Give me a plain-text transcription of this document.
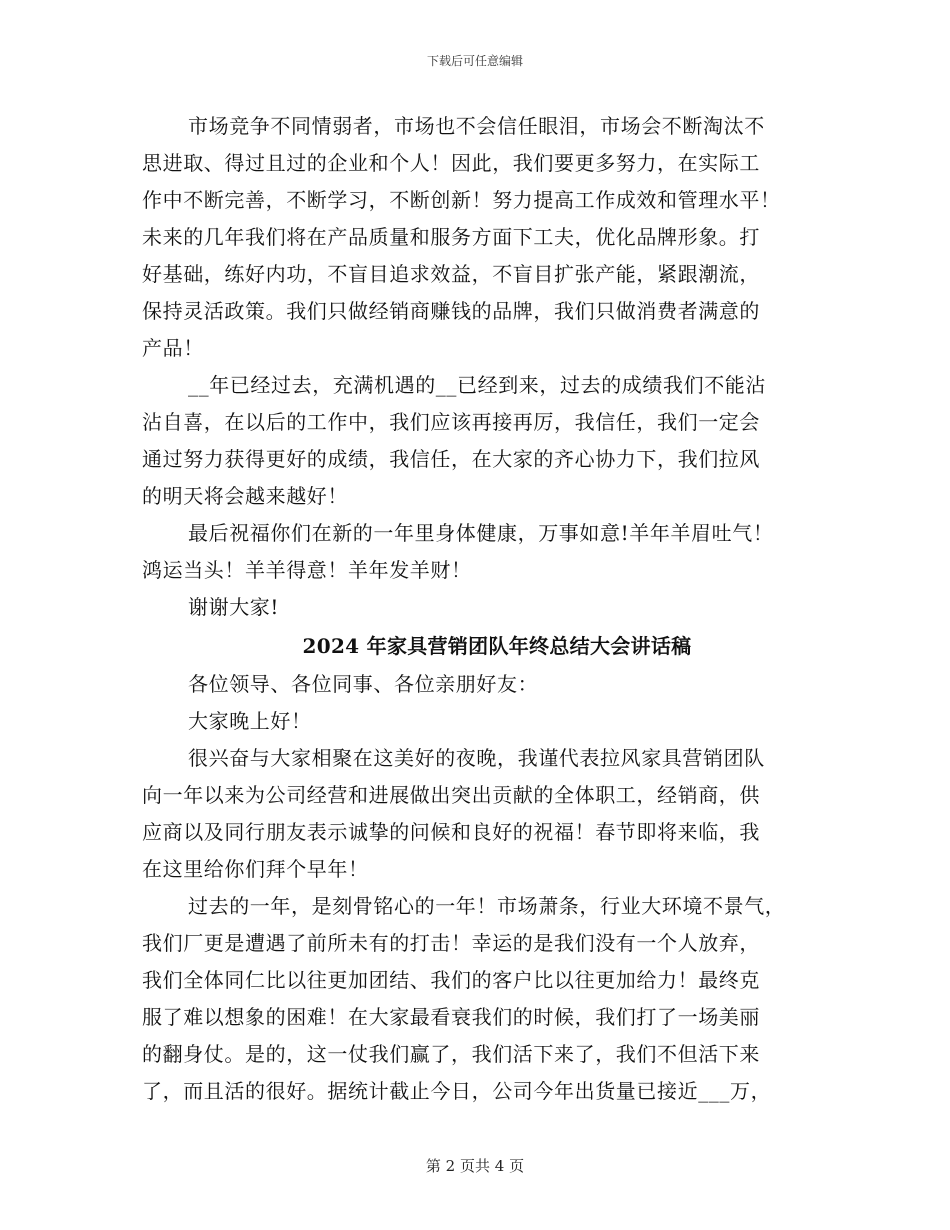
下载后可任意编辑
市场竞争不同情弱者，市场也不会信任眼泪，市场会不断淘汰不
思进取、得过且过的企业和个人！因此，我们要更多努力，在实际工
作中不断完善，不断学习，不断创新！努力提高工作成效和管理水平！
未来的几年我们将在产品质量和服务方面下工夫，优化品牌形象。打
好基础，练好内功，不盲目追求效益，不盲目扩张产能，紧跟潮流，
保持灵活政策。我们只做经销商赚钱的品牌，我们只做消费者满意的
产品！
__年已经过去，充满机遇的__已经到来，过去的成绩我们不能沾
沾自喜，在以后的工作中，我们应该再接再厉，我信任，我们一定会
通过努力获得更好的成绩，我信任，在大家的齐心协力下，我们拉风
的明天将会越来越好！
最后祝福你们在新的一年里身体健康，万事如意!羊年羊眉吐气！
鸿运当头！羊羊得意！羊年发羊财！
谢谢大家!
2024 年家具营销团队年终总结大会讲话稿
各位领导、各位同事、各位亲朋好友：
大家晚上好！
很兴奋与大家相聚在这美好的夜晚，我谨代表拉风家具营销团队
向一年以来为公司经营和进展做出突出贡献的全体职工，经销商，供
应商以及同行朋友表示诚挚的问候和良好的祝福！春节即将来临，我
在这里给你们拜个早年！
过去的一年，是刻骨铭心的一年！市场萧条，行业大环境不景气，
我们厂更是遭遇了前所未有的打击！幸运的是我们没有一个人放弃，
我们全体同仁比以往更加团结、我们的客户比以往更加给力！最终克
服了难以想象的困难！在大家最看衰我们的时候，我们打了一场美丽
的翻身仗。是的，这一仗我们赢了，我们活下来了，我们不但活下来
了，而且活的很好。据统计截止今日，公司今年出货量已接近___万，
第 2 页共 4 页
